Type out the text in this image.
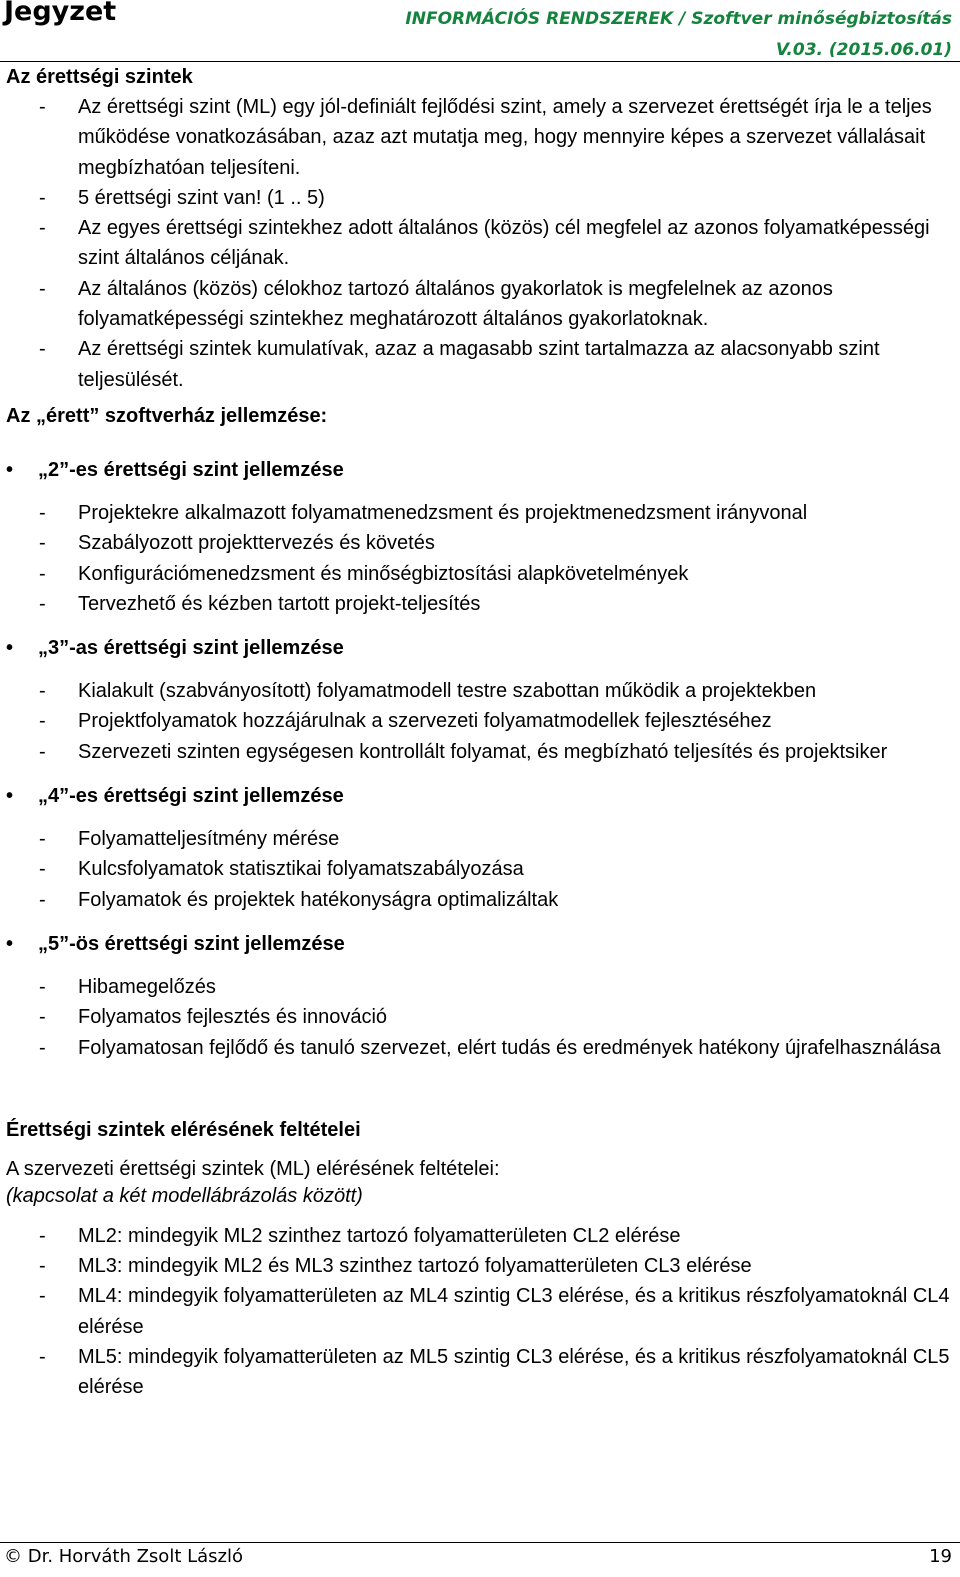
Jegyzet	INFORMÁCIÓS RENDSZEREK / Szoftver minőségbiztosítás
V.03. (2015.06.01)
Az érettségi szintek
- Az érettségi szint (ML) egy jól-definiált fejlődési szint, amely a szervezet érettségét írja le a teljes működése vonatkozásában, azaz azt mutatja meg, hogy mennyire képes a szervezet vállalásait megbízhatóan teljesíteni.
- 5 érettségi szint van! (1 .. 5)
- Az egyes érettségi szintekhez adott általános (közös) cél megfelel az azonos folyamatképességi szint általános céljának.
- Az általános (közös) célokhoz tartozó általános gyakorlatok is megfelelnek az azonos folyamatképességi szintekhez meghatározott általános gyakorlatoknak.
- Az érettségi szintek kumulatívak, azaz a magasabb szint tartalmazza az alacsonyabb szint teljesülését.
Az „érett” szoftverház jellemzése:
• „2”-es érettségi szint jellemzése
- Projektekre alkalmazott folyamatmenedzsment és projektmenedzsment irányvonal
- Szabályozott projekttervezés és követés
- Konfigurációmenedzsment és minőségbiztosítási alapkövetelmények
- Tervezhető és kézben tartott projekt-teljesítés
• „3”-as érettségi szint jellemzése
- Kialakult (szabványosított) folyamatmodell testre szabottan működik a projektekben
- Projektfolyamatok hozzájárulnak a szervezeti folyamatmodellek fejlesztéséhez
- Szervezeti szinten egységesen kontrollált folyamat, és megbízható teljesítés és projektsiker
• „4”-es érettségi szint jellemzése
- Folyamatteljesítmény mérése
- Kulcsfolyamatok statisztikai folyamatszabályozása
- Folyamatok és projektek hatékonyságra optimalizáltak
• „5”-ös érettségi szint jellemzése
- Hibamegelőzés
- Folyamatos fejlesztés és innováció
- Folyamatosan fejlődő és tanuló szervezet, elért tudás és eredmények hatékony újrafelhasználása
Érettségi szintek elérésének feltételei
A szervezeti érettségi szintek (ML) elérésének feltételei:
(kapcsolat a két modellábrázolás között)
- ML2: mindegyik ML2 szinthez tartozó folyamatterületen CL2 elérése
- ML3: mindegyik ML2 és ML3 szinthez tartozó folyamatterületen CL3 elérése
- ML4: mindegyik folyamatterületen az ML4 szintig CL3 elérése, és a kritikus részfolyamatoknál CL4 elérése
- ML5: mindegyik folyamatterületen az ML5 szintig CL3 elérése, és a kritikus részfolyamatoknál CL5 elérése
© Dr. Horváth Zsolt László	19
